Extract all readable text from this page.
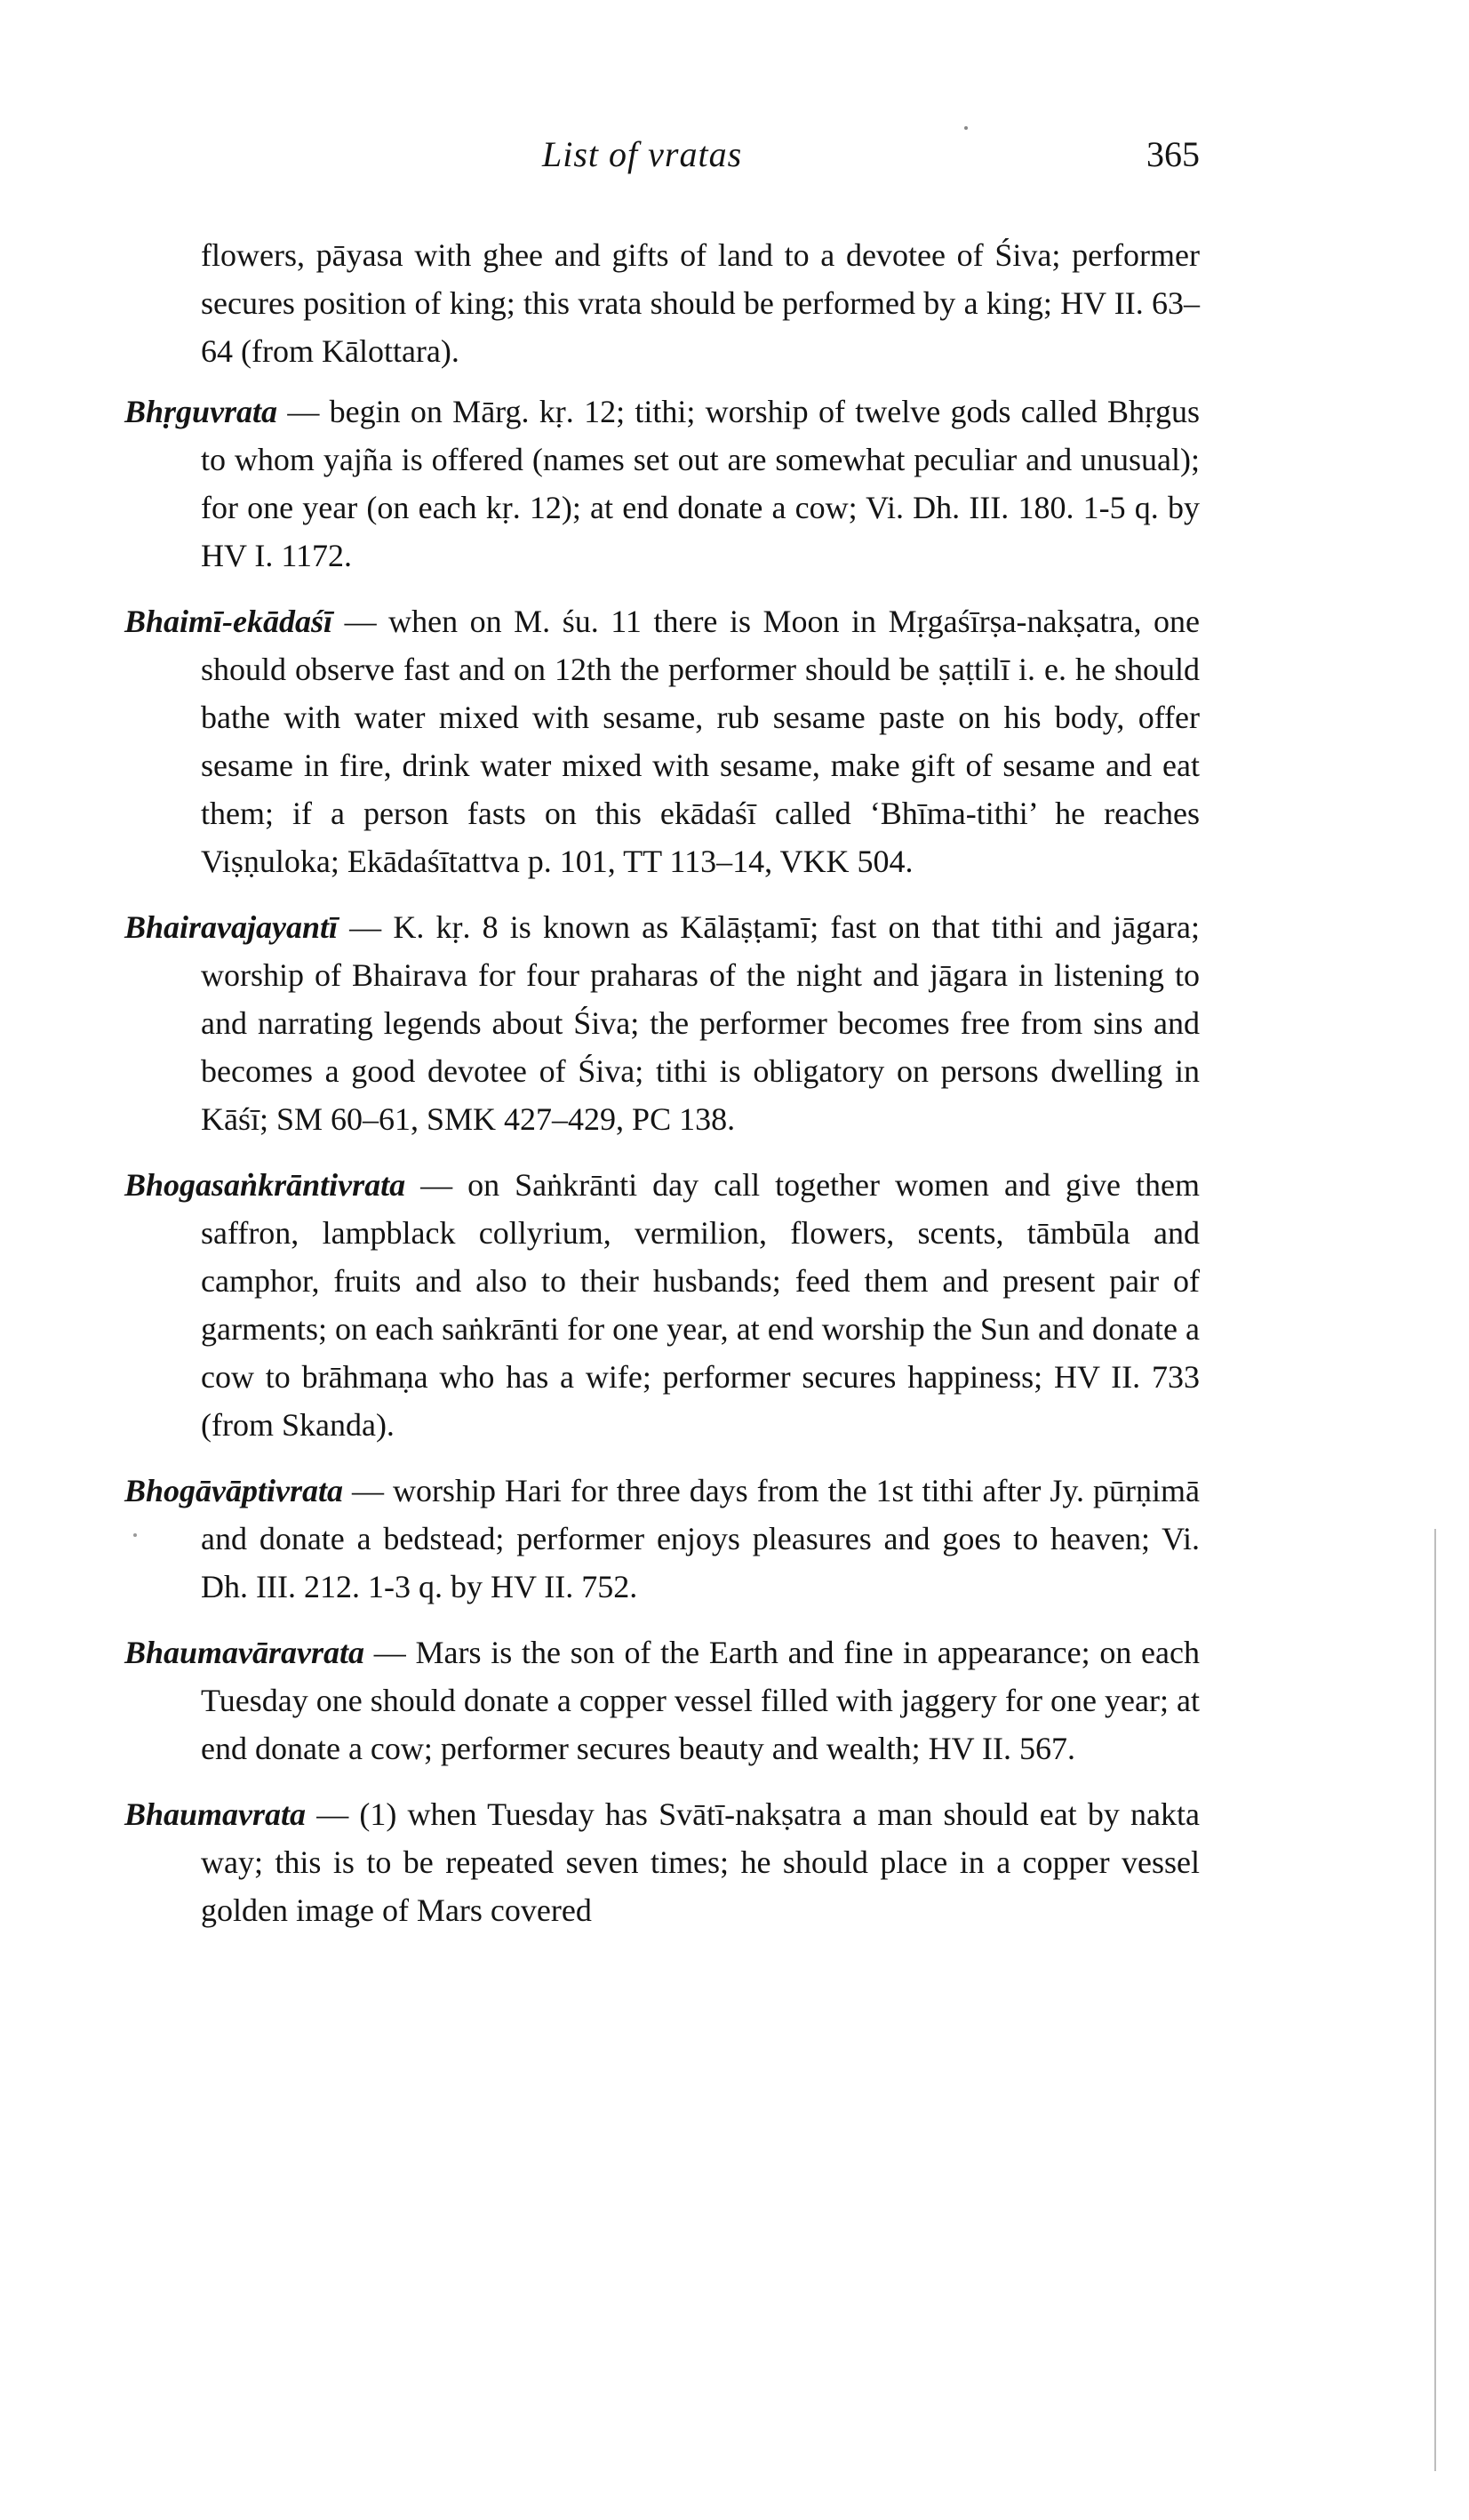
List of vratas	365

flowers, pāyasa with ghee and gifts of land to a devotee of Śiva; performer secures position of king; this vrata should be performed by a king; HV II. 63–64 (from Kālottara).

Bhṛguvrata — begin on Mārg. kṛ. 12; tithi; worship of twelve gods called Bhṛgus to whom yajña is offered (names set out are somewhat peculiar and unusual); for one year (on each kṛ. 12); at end donate a cow; Vi. Dh. III. 180. 1-5 q. by HV I. 1172.

Bhaimī-ekādaśī — when on M. śu. 11 there is Moon in Mṛgaśīrṣa-nakṣatra, one should observe fast and on 12th the performer should be ṣaṭtilī i. e. he should bathe with water mixed with sesame, rub sesame paste on his body, offer sesame in fire, drink water mixed with sesame, make gift of sesame and eat them; if a person fasts on this ekādaśī called ‘Bhīma-tithi’ he reaches Viṣṇuloka; Ekādaśītattva p. 101, TT 113–14, VKK 504.

Bhairavajayantī — K. kṛ. 8 is known as Kālāṣṭamī; fast on that tithi and jāgara; worship of Bhairava for four praharas of the night and jāgara in listening to and narrating legends about Śiva; the performer becomes free from sins and becomes a good devotee of Śiva; tithi is obligatory on persons dwelling in Kāśī; SM 60–61, SMK 427–429, PC 138.

Bhogasaṅkrāntivrata — on Saṅkrānti day call together women and give them saffron, lampblack collyrium, vermilion, flowers, scents, tāmbūla and camphor, fruits and also to their husbands; feed them and present pair of garments; on each saṅkrānti for one year, at end worship the Sun and donate a cow to brāhmaṇa who has a wife; performer secures happiness; HV II. 733 (from Skanda).

Bhogāvāptivrata — worship Hari for three days from the 1st tithi after Jy. pūrṇimā and donate a bedstead; performer enjoys pleasures and goes to heaven; Vi. Dh. III. 212. 1-3 q. by HV II. 752.

Bhaumavāravrata — Mars is the son of the Earth and fine in appearance; on each Tuesday one should donate a copper vessel filled with jaggery for one year; at end donate a cow; performer secures beauty and wealth; HV II. 567.

Bhaumavrata — (1) when Tuesday has Svātī-nakṣatra a man should eat by nakta way; this is to be repeated seven times; he should place in a copper vessel golden image of Mars covered
